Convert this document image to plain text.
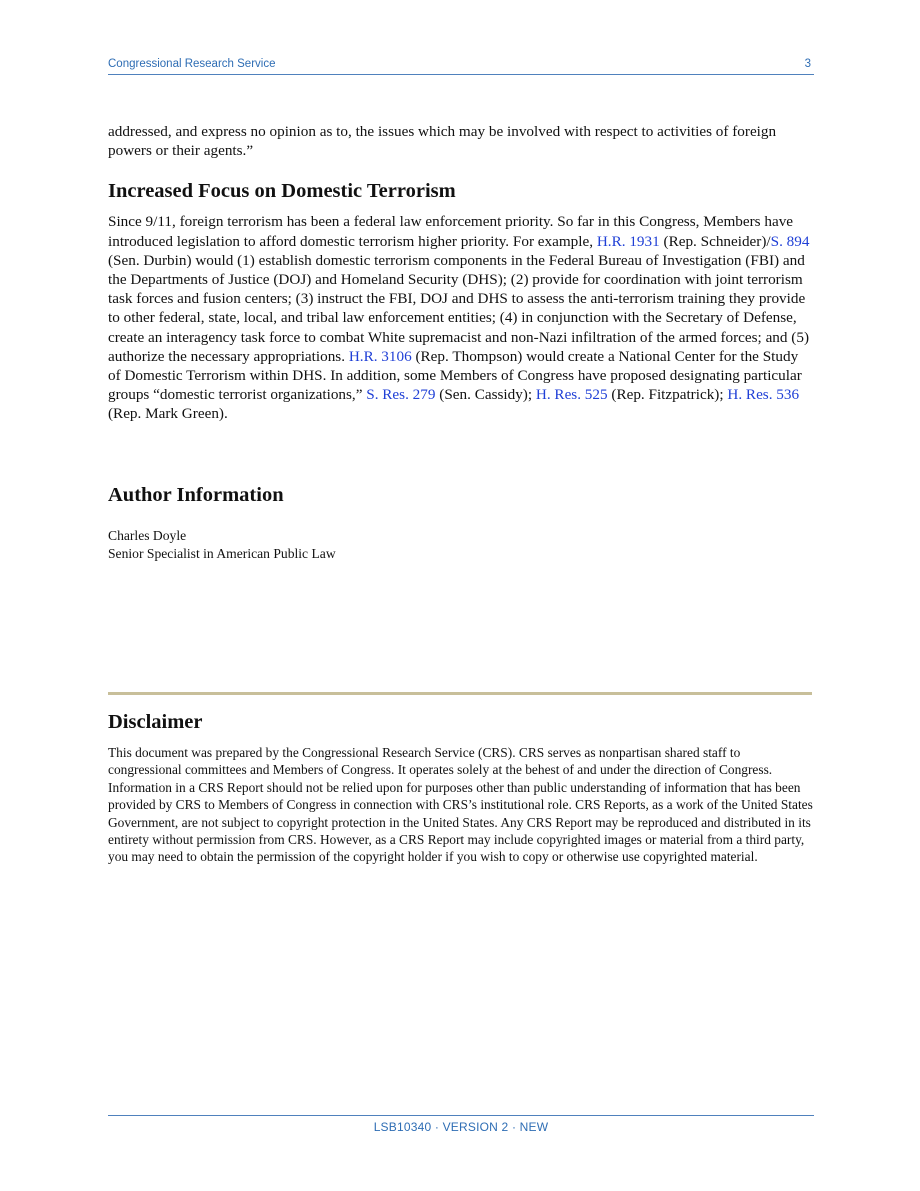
Congressional Research Service	3

addressed, and express no opinion as to, the issues which may be involved with respect to activities of foreign powers or their agents.”

Increased Focus on Domestic Terrorism

Since 9/11, foreign terrorism has been a federal law enforcement priority. So far in this Congress, Members have introduced legislation to afford domestic terrorism higher priority. For example, H.R. 1931 (Rep. Schneider)/S. 894 (Sen. Durbin) would (1) establish domestic terrorism components in the Federal Bureau of Investigation (FBI) and the Departments of Justice (DOJ) and Homeland Security (DHS); (2) provide for coordination with joint terrorism task forces and fusion centers; (3) instruct the FBI, DOJ and DHS to assess the anti-terrorism training they provide to other federal, state, local, and tribal law enforcement entities; (4) in conjunction with the Secretary of Defense, create an interagency task force to combat White supremacist and non-Nazi infiltration of the armed forces; and (5) authorize the necessary appropriations. H.R. 3106 (Rep. Thompson) would create a National Center for the Study of Domestic Terrorism within DHS. In addition, some Members of Congress have proposed designating particular groups “domestic terrorist organizations,” S. Res. 279 (Sen. Cassidy); H. Res. 525 (Rep. Fitzpatrick); H. Res. 536 (Rep. Mark Green).

Author Information

Charles Doyle

Senior Specialist in American Public Law

Disclaimer

This document was prepared by the Congressional Research Service (CRS). CRS serves as nonpartisan shared staff to congressional committees and Members of Congress. It operates solely at the behest of and under the direction of Congress. Information in a CRS Report should not be relied upon for purposes other than public understanding of information that has been provided by CRS to Members of Congress in connection with CRS’s institutional role. CRS Reports, as a work of the United States Government, are not subject to copyright protection in the United States. Any CRS Report may be reproduced and distributed in its entirety without permission from CRS. However, as a CRS Report may include copyrighted images or material from a third party, you may need to obtain the permission of the copyright holder if you wish to copy or otherwise use copyrighted material.

LSB10340 · VERSION 2 · NEW
